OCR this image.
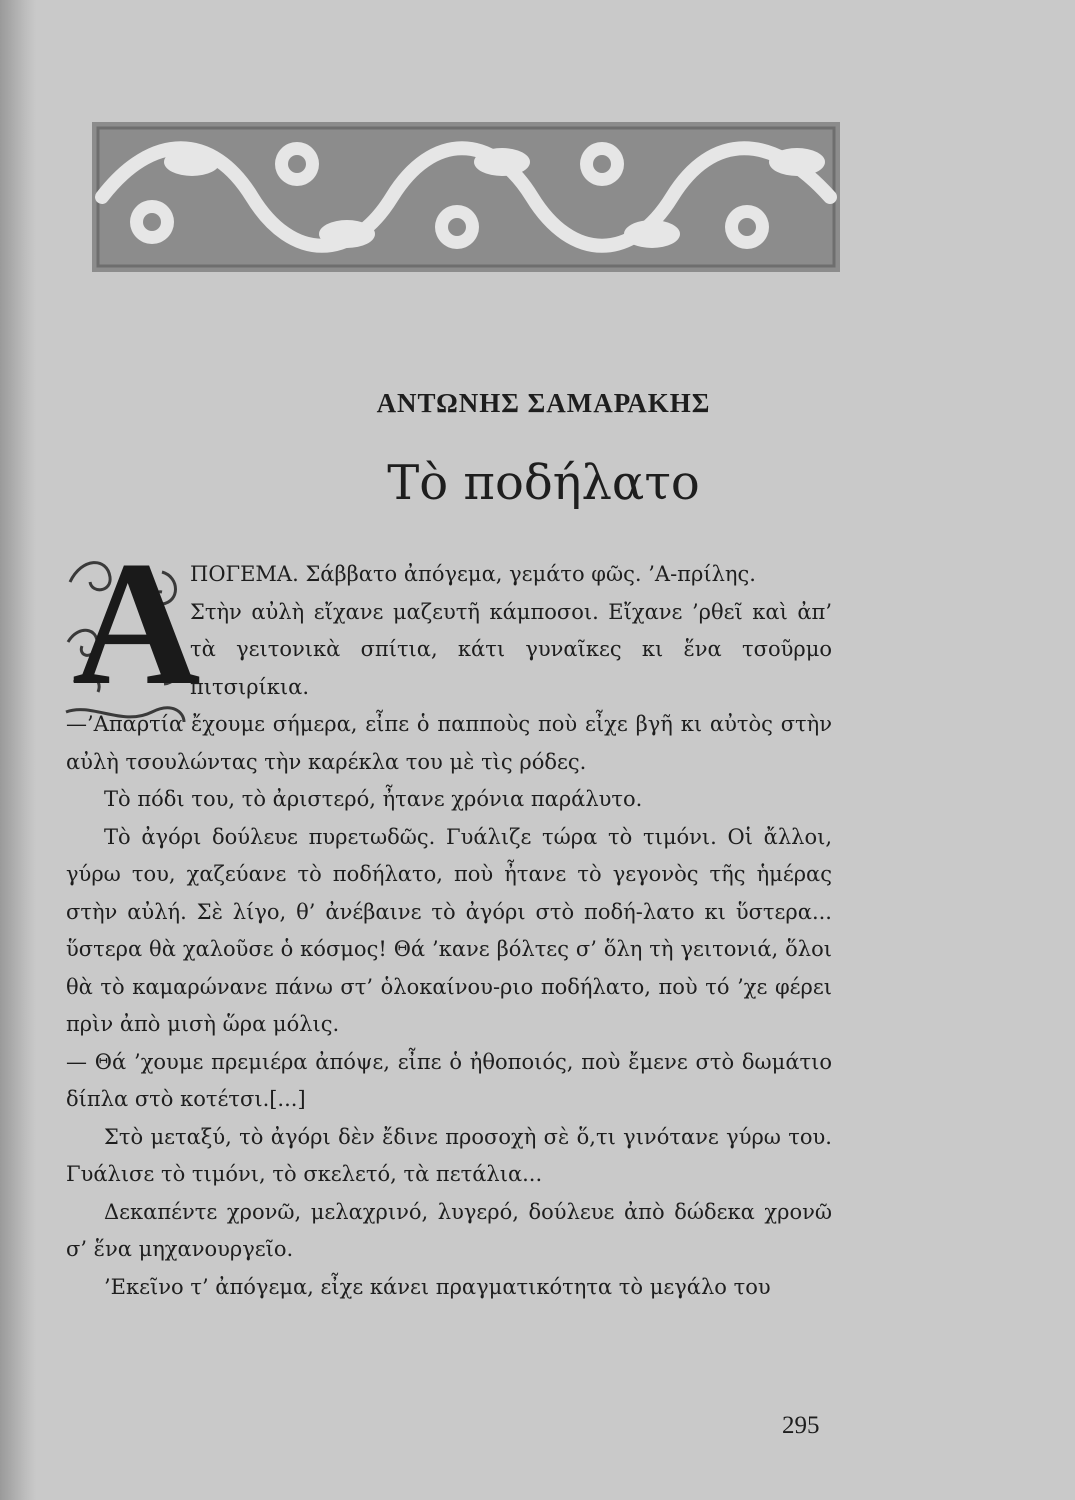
ΑΝΤΩΝΗΣ ΣΑΜΑΡΑΚΗΣ
Τὸ ποδήλατο
Α

ΠΟΓΕΜΑ. Σάββατο ἀπόγεμα, γεμάτο φῶς. ’Α-πρίλης.

Στὴν αὐλὴ εἴχανε μαζευτῆ κάμποσοι. Εἴχανε ’ρθεῖ καὶ ἀπ’ τὰ γειτονικὰ σπίτια, κάτι γυναῖκες κι ἕνα τσοῦρμο πιτσιρίκια.

—’Απαρτία ἔχουμε σήμερα, εἶπε ὁ παπποὺς ποὺ εἶχε βγῆ κι αὐτὸς στὴν αὐλὴ τσουλώντας τὴν καρέκλα του μὲ τὶς ρόδες.

Τὸ πόδι του, τὸ ἀριστερό, ἦτανε χρόνια παράλυτο.

Τὸ ἀγόρι δούλευε πυρετωδῶς. Γυάλιζε τώρα τὸ τιμόνι. Οἱ ἄλλοι, γύρω του, χαζεύανε τὸ ποδήλατο, ποὺ ἦτανε τὸ γεγονὸς τῆς ἡμέρας στὴν αὐλή. Σὲ λίγο, θ’ ἀνέβαινε τὸ ἀγόρι στὸ ποδή-λατο κι ὕστερα... ὕστερα θὰ χαλοῦσε ὁ κόσμος! Θά ’κανε βόλτες σ’ ὅλη τὴ γειτονιά, ὅλοι θὰ τὸ καμαρώνανε πάνω στ’ ὁλοκαίνου-ριο ποδήλατο, ποὺ τό ’χε φέρει πρὶν ἀπὸ μισὴ ὥρα μόλις.

— Θά ’χουμε πρεμιέρα ἀπόψε, εἶπε ὁ ἠθοποιός, ποὺ ἔμενε στὸ δωμάτιο δίπλα στὸ κοτέτσι.[...]

Στὸ μεταξύ, τὸ ἀγόρι δὲν ἔδινε προσοχὴ σὲ ὅ,τι γινότανε γύρω του. Γυάλισε τὸ τιμόνι, τὸ σκελετό, τὰ πετάλια...

Δεκαπέντε χρονῶ, μελαχρινό, λυγερό, δούλευε ἀπὸ δώδεκα χρονῶ σ’ ἕνα μηχανουργεῖο.

’Εκεῖνο τ’ ἀπόγεμα, εἶχε κάνει πραγματικότητα τὸ μεγάλο του

295
